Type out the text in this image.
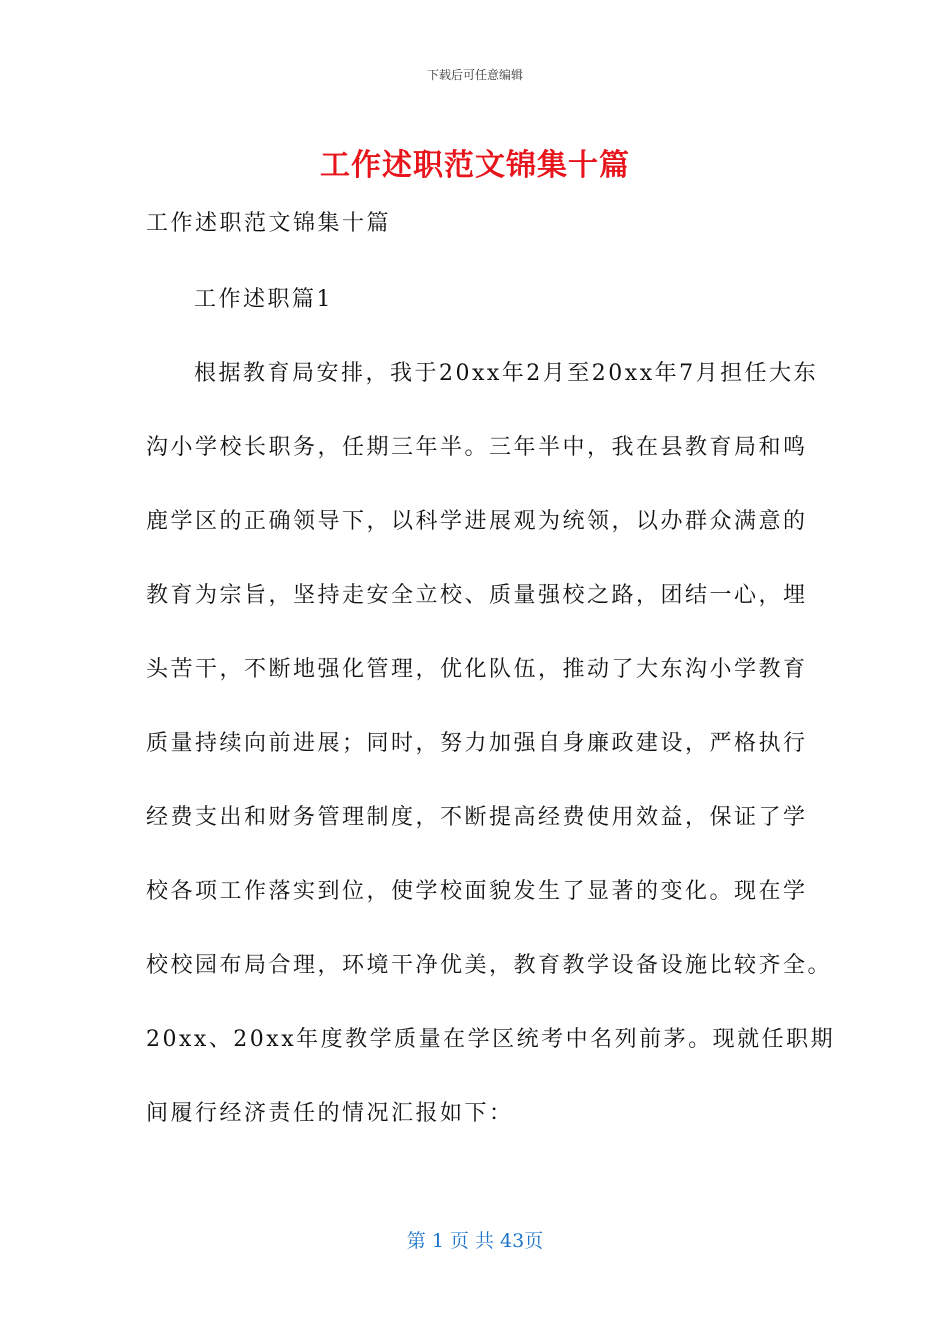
下载后可任意编辑
工作述职范文锦集十篇
工作述职范文锦集十篇
工作述职篇1
根据教育局安排，我于20xx年2月至20xx年7月担任大东
沟小学校长职务，任期三年半。三年半中，我在县教育局和鸣
鹿学区的正确领导下，以科学进展观为统领，以办群众满意的
教育为宗旨，坚持走安全立校、质量强校之路，团结一心，埋
头苦干，不断地强化管理，优化队伍，推动了大东沟小学教育
质量持续向前进展；同时，努力加强自身廉政建设，严格执行
经费支出和财务管理制度，不断提高经费使用效益，保证了学
校各项工作落实到位，使学校面貌发生了显著的变化。现在学
校校园布局合理，环境干净优美，教育教学设备设施比较齐全。
20xx、20xx年度教学质量在学区统考中名列前茅。现就任职期
间履行经济责任的情况汇报如下：
第 1 页 共 43页
